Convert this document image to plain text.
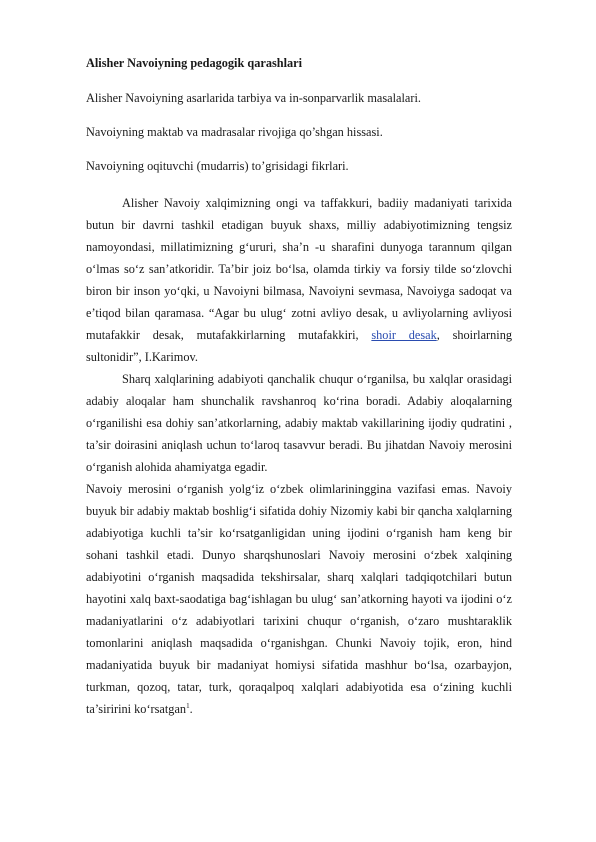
Alisher Navoiyning pedagogik qarashlari

Alisher Navoiyning asarlarida tarbiya va in-sonparvarlik masalalari.

Navoiyning maktab va madrasalar rivojiga qo’shgan hissasi.

Navoiyning oqituvchi (mudarris) to’grisidagi fikrlari.

Alisher Navoiy xalqimizning ongi va taffakkuri, badiiy madaniyati tarixida butun bir davrni tashkil etadigan buyuk shaxs, milliy adabiyotimizning tengsiz namoyondasi, millatimizning g‘ururi, sha’n -u sharafini dunyoga tarannum qilgan o‘lmas so‘z san’atkoridir. Ta’bir joiz bo‘lsa, olamda tirkiy va forsiy tilde so‘zlovchi biron bir inson yo‘qki, u Navoiyni bilmasa, Navoiyni sevmasa, Navoiyga sadoqat va e’tiqod bilan qaramasa. “Agar bu ulug‘ zotni avliyo desak, u avliyolarning avliyosi mutafakkir desak, mutafakkirlarning mutafakkiri, shoir desak, shoirlarning sultonidir”, I.Karimov.

Sharq xalqlarining adabiyoti qanchalik chuqur o‘rganilsa, bu xalqlar orasidagi adabiy aloqalar ham shunchalik ravshanroq ko‘rina boradi. Adabiy aloqalarning o‘rganilishi esa dohiy san’atkorlarning, adabiy maktab vakillarining ijodiy qudratini , ta’sir doirasini aniqlash uchun to‘laroq tasavvur beradi. Bu jihatdan Navoiy merosini o‘rganish alohida ahamiyatga egadir.

Navoiy merosini o‘rganish yolg‘iz o‘zbek olimlarininggina vazifasi emas. Navoiy buyuk bir adabiy maktab boshlig‘i sifatida dohiy Nizomiy kabi bir qancha xalqlarning adabiyotiga kuchli ta’sir ko‘rsatganligidan uning ijodini o‘rganish ham keng bir sohani tashkil etadi. Dunyo sharqshunoslari Navoiy merosini o‘zbek xalqining adabiyotini o‘rganish maqsadida tekshirsalar, sharq xalqlari tadqiqotchilari butun hayotini xalq baxt-saodatiga bag‘ishlagan bu ulug‘ san’atkorning hayoti va ijodini o‘z madaniyatlarini o‘z adabiyotlari tarixini chuqur o‘rganish, o‘zaro mushtaraklik tomonlarini aniqlash maqsadida o‘rganishgan. Chunki Navoiy tojik, eron, hind madaniyatida buyuk bir madaniyat homiysi sifatida mashhur bo‘lsa, ozarbayjon, turkman, qozoq, tatar, turk, qoraqalpoq xalqlari adabiyotida esa o‘zining kuchli ta’siririni ko‘rsatgan$^1$.
